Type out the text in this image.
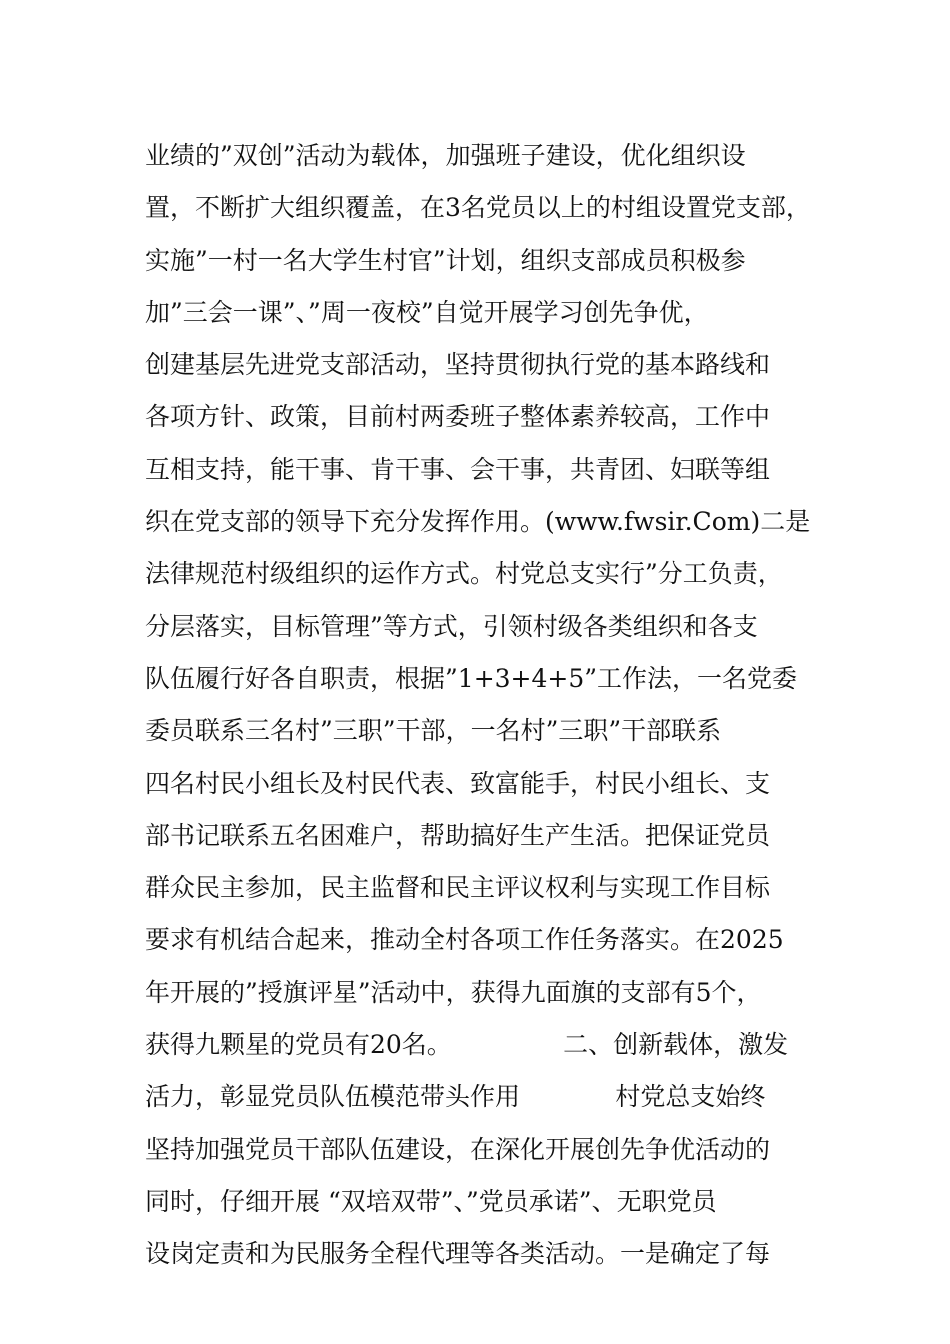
业绩的”双创”活动为载体，加强班子建设，优化组织设
置，不断扩大组织覆盖，在3名党员以上的村组设置党支部，
实施”一村一名大学生村官”计划，组织支部成员积极参
加”三会一课”、”周一夜校”自觉开展学习创先争优，
创建基层先进党支部活动，坚持贯彻执行党的基本路线和
各项方针、政策，目前村两委班子整体素养较高，工作中
互相支持，能干事、肯干事、会干事，共青团、妇联等组
织在党支部的领导下充分发挥作用。(www.fwsir.Com)二是
法律规范村级组织的运作方式。村党总支实行”分工负责，
分层落实，目标管理”等方式，引领村级各类组织和各支
队伍履行好各自职责，根据”1+3+4+5”工作法，一名党委
委员联系三名村”三职”干部，一名村”三职”干部联系
四名村民小组长及村民代表、致富能手，村民小组长、支
部书记联系五名困难户，帮助搞好生产生活。把保证党员
群众民主参加，民主监督和民主评议权利与实现工作目标
要求有机结合起来，推动全村各项工作任务落实。在2025
年开展的”授旗评星”活动中，获得九面旗的支部有5个，
获得九颗星的党员有20名。              二、创新载体，激发
活力，彰显党员队伍模范带头作用            村党总支始终
坚持加强党员干部队伍建设，在深化开展创先争优活动的
同时，仔细开展 “双培双带”、”党员承诺”、无职党员
设岗定责和为民服务全程代理等各类活动。一是确定了每
